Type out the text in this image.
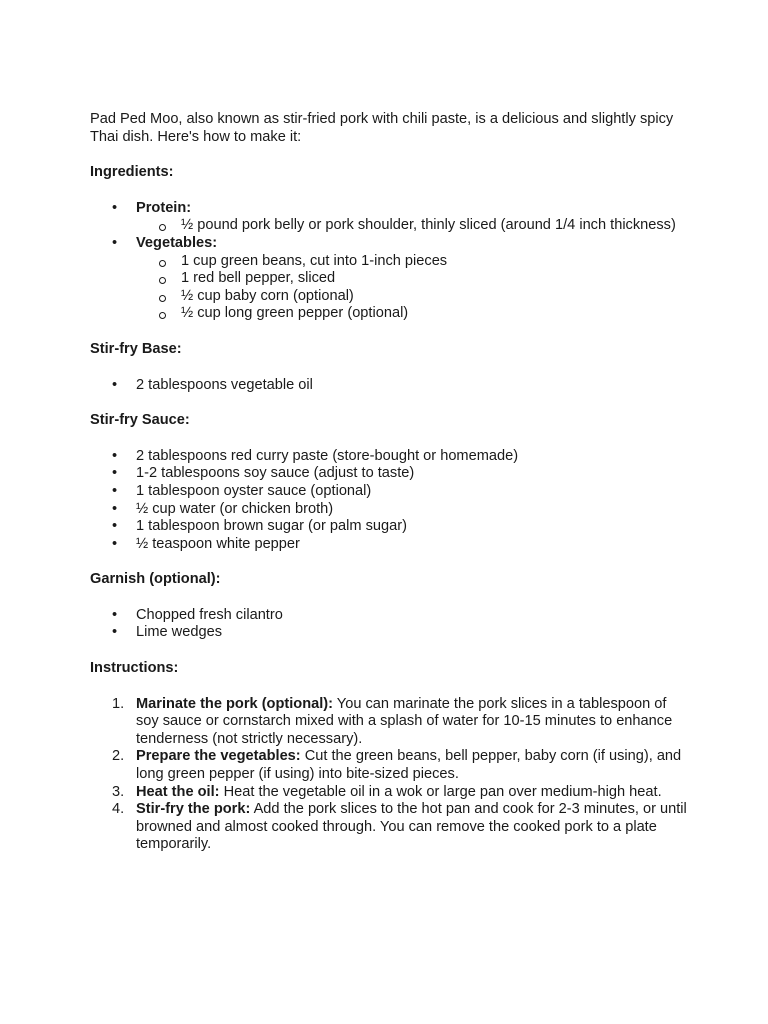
Pad Ped Moo, also known as stir-fried pork with chili paste, is a delicious and slightly spicy Thai dish. Here's how to make it:

Ingredients:

• Protein:
½ pound pork belly or pork shoulder, thinly sliced (around 1/4 inch thickness)
• Vegetables:
1 cup green beans, cut into 1-inch pieces
1 red bell pepper, sliced
½ cup baby corn (optional)
½ cup long green pepper (optional)

Stir-fry Base:

• 2 tablespoons vegetable oil

Stir-fry Sauce:

• 2 tablespoons red curry paste (store-bought or homemade)
• 1-2 tablespoons soy sauce (adjust to taste)
• 1 tablespoon oyster sauce (optional)
• ½ cup water (or chicken broth)
• 1 tablespoon brown sugar (or palm sugar)
• ½ teaspoon white pepper

Garnish (optional):

• Chopped fresh cilantro
• Lime wedges

Instructions:

1. Marinate the pork (optional): You can marinate the pork slices in a tablespoon of soy sauce or cornstarch mixed with a splash of water for 10-15 minutes to enhance tenderness (not strictly necessary).
2. Prepare the vegetables: Cut the green beans, bell pepper, baby corn (if using), and long green pepper (if using) into bite-sized pieces.
3. Heat the oil: Heat the vegetable oil in a wok or large pan over medium-high heat.
4. Stir-fry the pork: Add the pork slices to the hot pan and cook for 2-3 minutes, or until browned and almost cooked through. You can remove the cooked pork to a plate temporarily.
